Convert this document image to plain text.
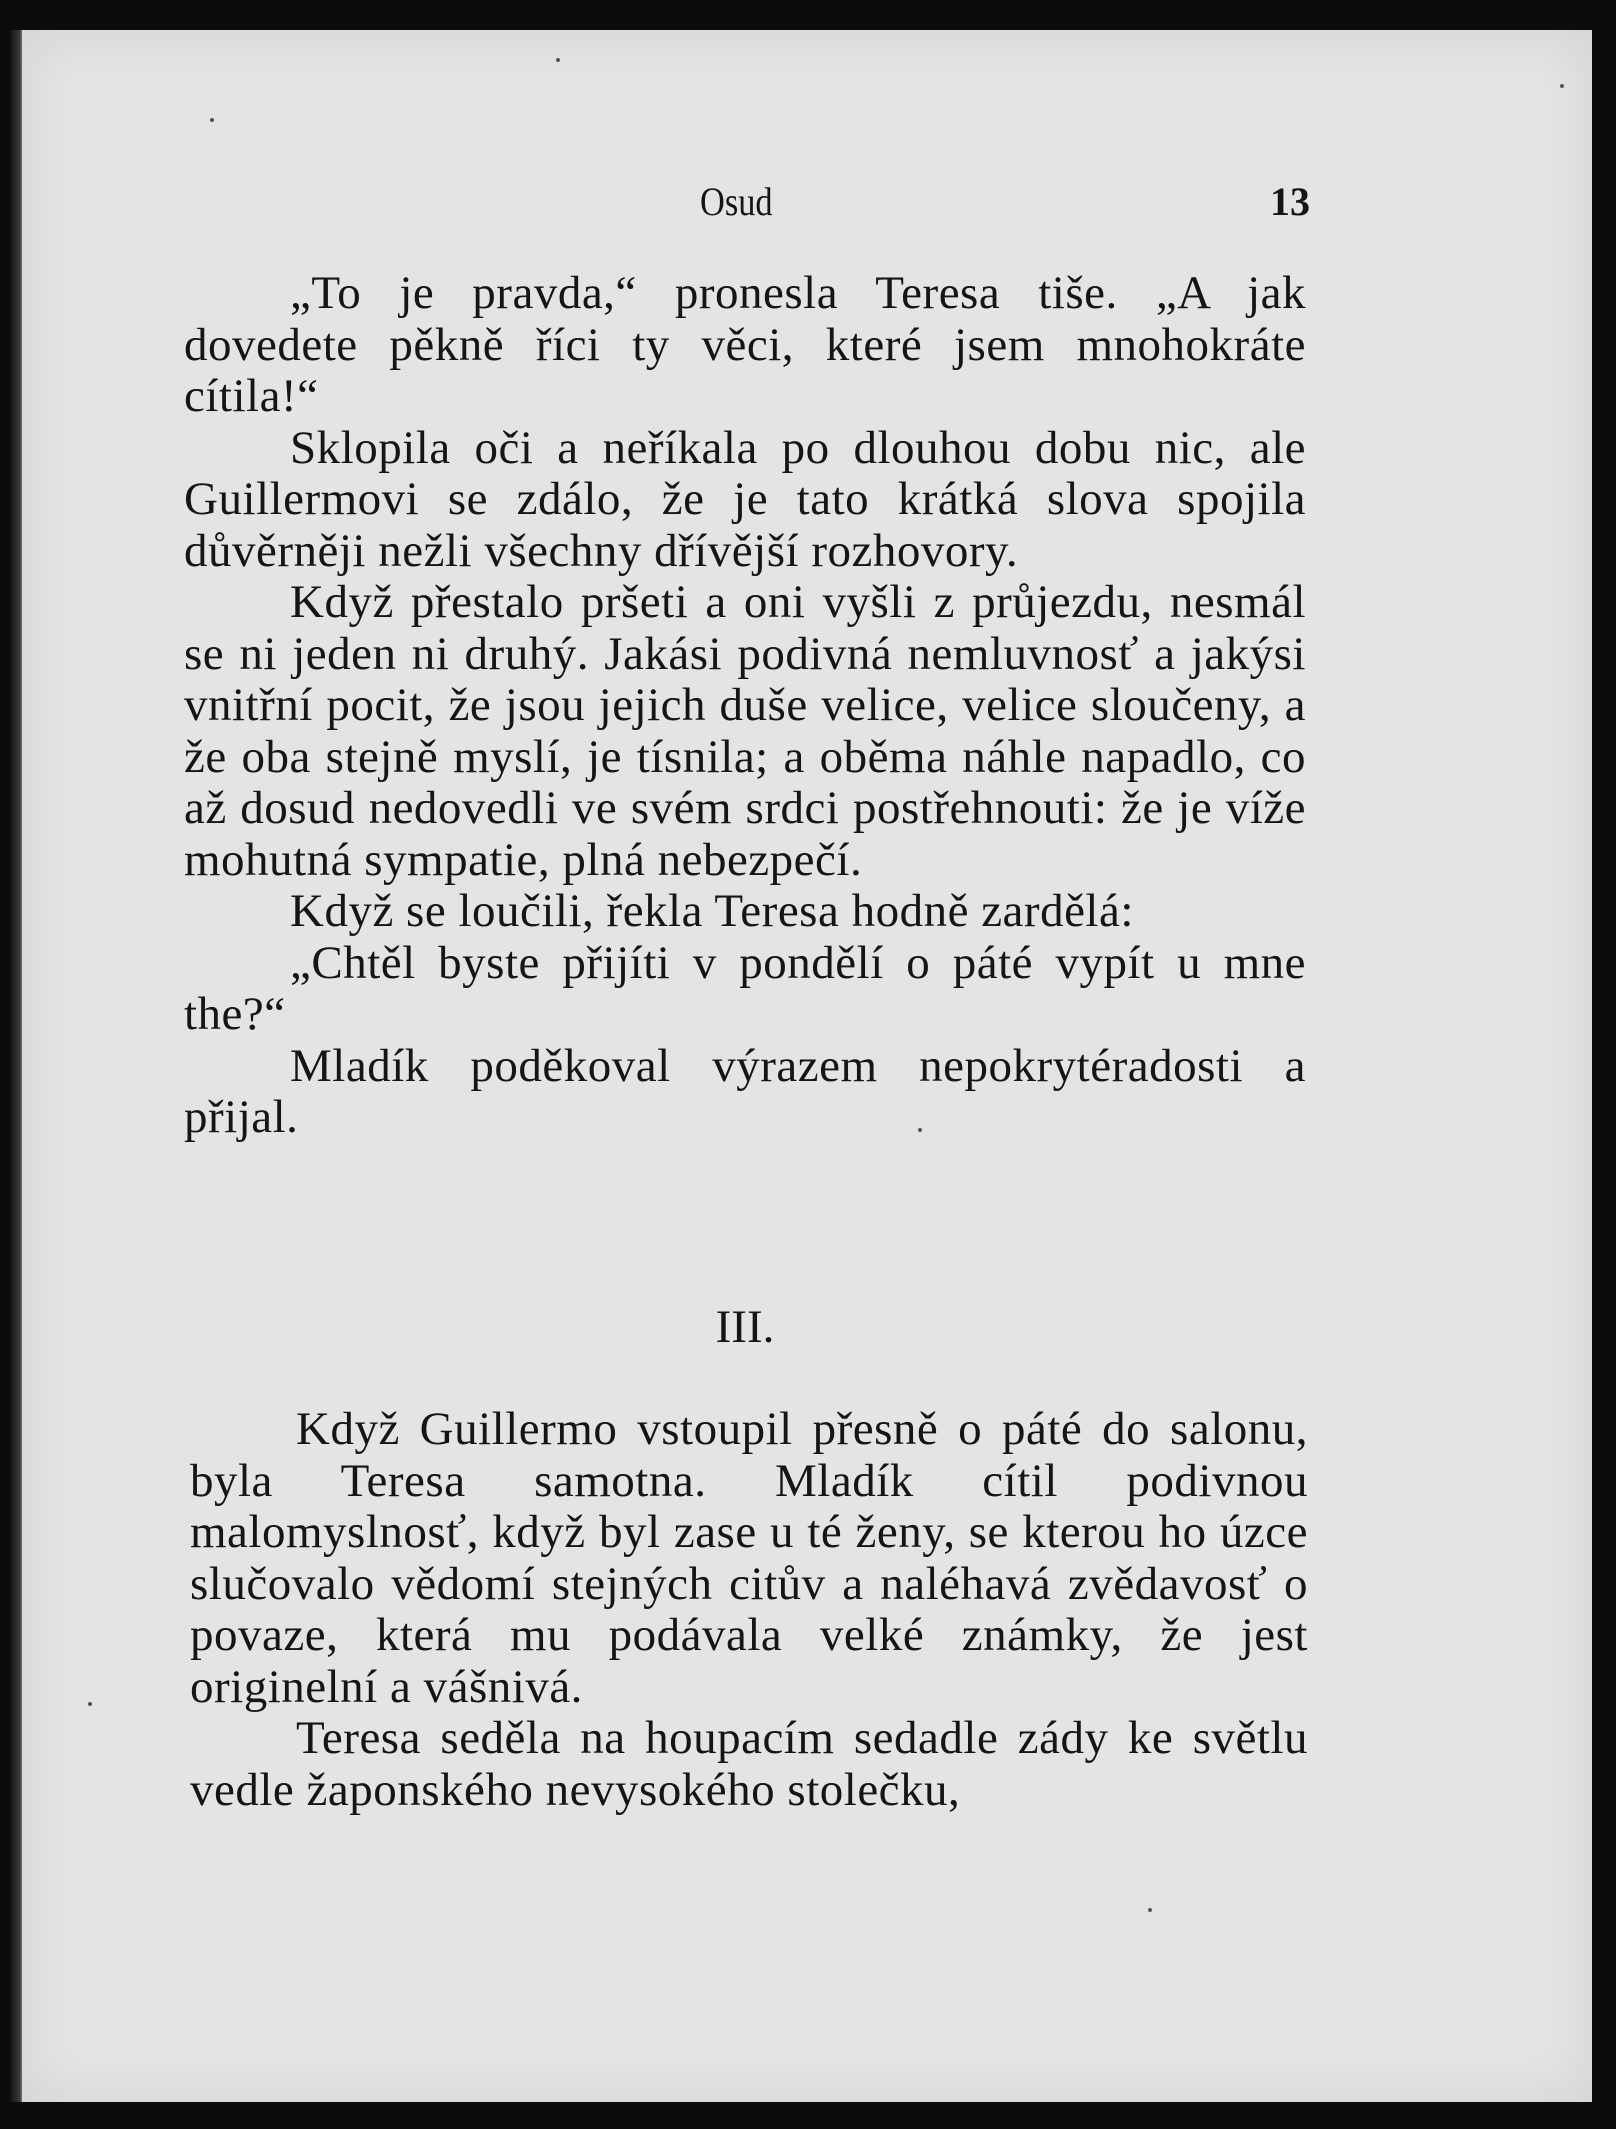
Osud	13

„To je pravda,“ pronesla Teresa tiše. „A jak dovedete pěkně říci ty věci, které jsem mnohokráte cítila!“

Sklopila oči a neříkala po dlouhou dobu nic, ale Guillermovi se zdálo, že je tato krátká slova spojila důvěrněji nežli všechny dřívější rozhovory.

Když přestalo pršeti a oni vyšli z průjezdu, nesmál se ni jeden ni druhý. Jakási podivná nemluvnosť a jakýsi vnitřní pocit, že jsou jejich duše velice, velice sloučeny, a že oba stejně myslí, je tísnila; a oběma náhle napadlo, co až dosud nedovedli ve svém srdci postřehnouti: že je víže mohutná sympatie, plná nebezpečí.

Když se loučili, řekla Teresa hodně zardělá:

„Chtěl byste přijíti v pondělí o páté vypít u mne the?“

Mladík poděkoval výrazem nepokrytéradosti a přijal.

III.

Když Guillermo vstoupil přesně o páté do salonu, byla Teresa samotna. Mladík cítil podivnou malomyslnosť, když byl zase u té ženy, se kterou ho úzce slučovalo vědomí stejných citův a naléhavá zvědavosť o povaze, která mu podávala velké známky, že jest originelní a vášnivá.

Teresa seděla na houpacím sedadle zády ke světlu vedle žaponského nevysokého stolečku,
